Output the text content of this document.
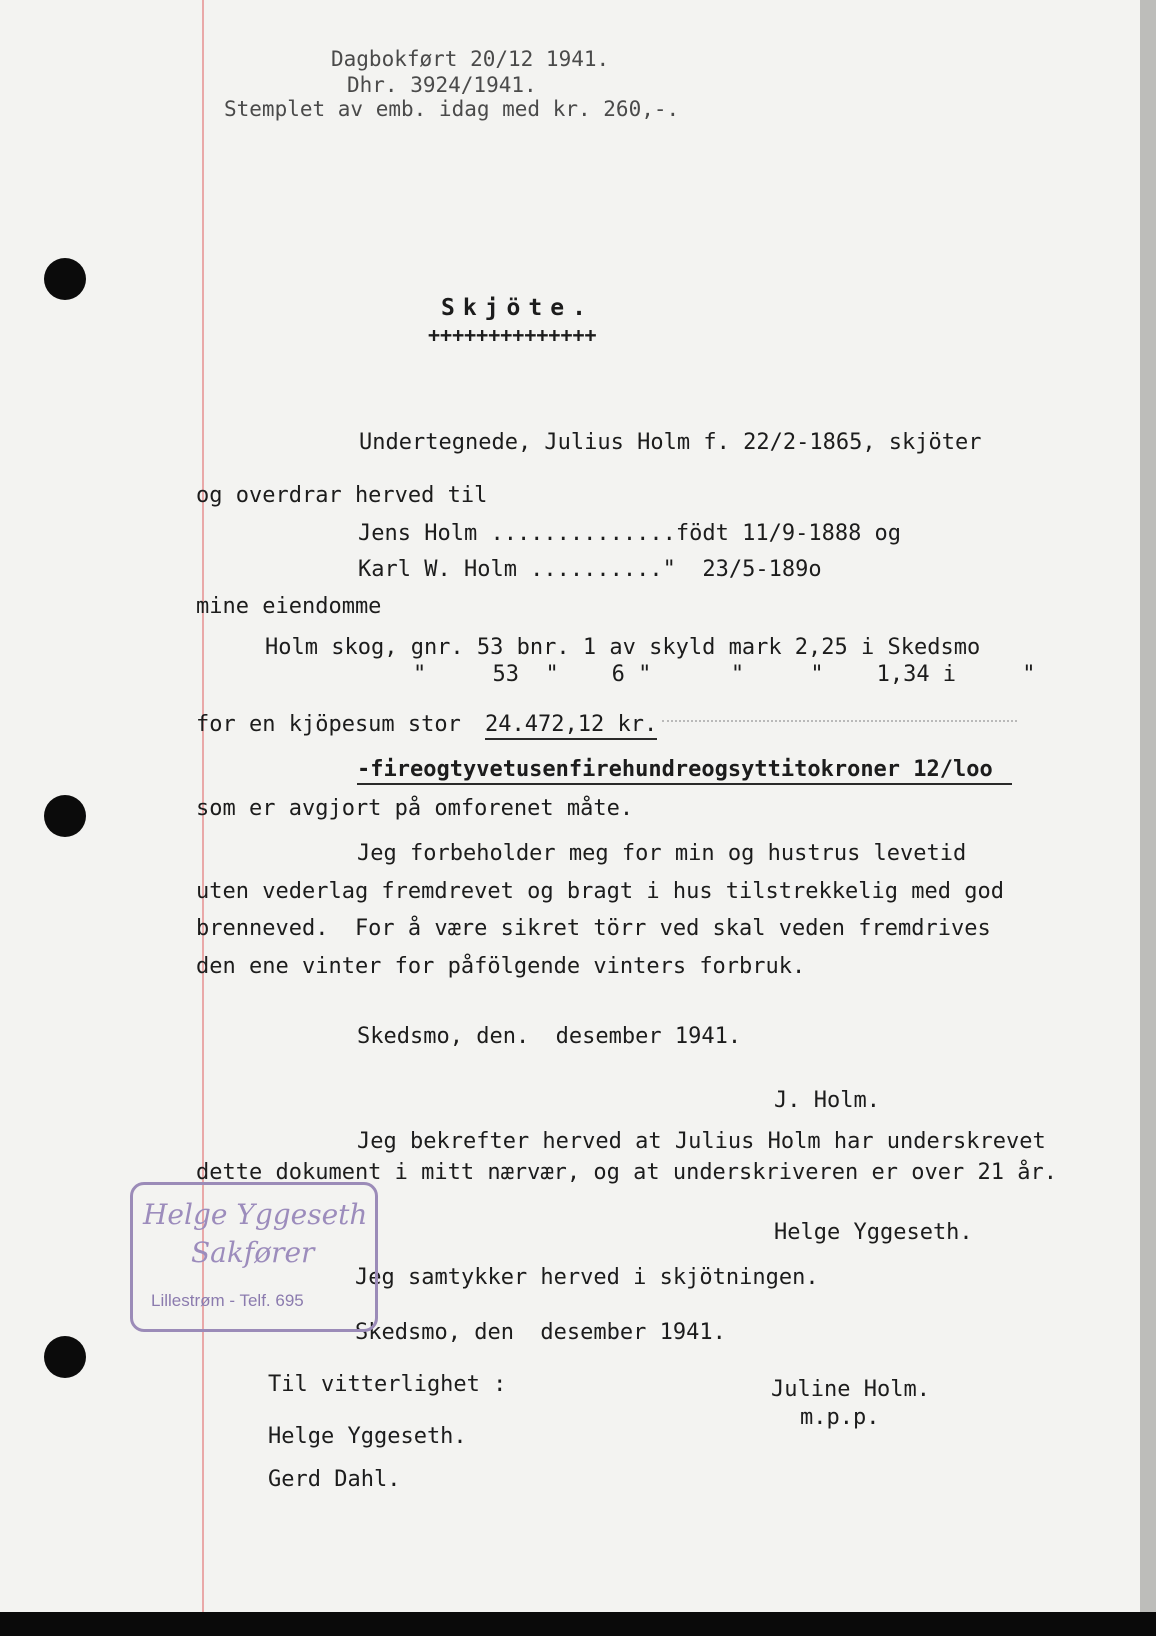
Dagbokført 20/12 1941.
Dhr. 3924/1941.
Stemplet av emb. idag med kr. 260,-.
Skjöte.
++++++++++++++
Undertegnede, Julius Holm f. 22/2-1865, skjöter
og overdrar herved til
Jens Holm ..............födt 11/9-1888 og
Karl W. Holm .........."  23/5-189o
mine eiendomme
Holm skog, gnr. 53 bnr. 1 av skyld mark 2,25 i Skedsmo
"     53  "    6 "      "     "    1,34 i     "
for en kjöpesum stor 24.472,12 kr.
-fireogtyvetusenfirehundreogsyttitokroner 12/loo
som er avgjort på omforenet måte.
Jeg forbeholder meg for min og hustrus levetid
uten vederlag fremdrevet og bragt i hus tilstrekkelig med god
brenneved.  For å være sikret törr ved skal veden fremdrives
den ene vinter for påfölgende vinters forbruk.
Skedsmo, den.  desember 1941.
J. Holm.
Jeg bekrefter herved at Julius Holm har underskrevet
dette dokument i mitt nærvær, og at underskriveren er over 21 år.
Helge Yggeseth.
Jeg samtykker herved i skjötningen.
Skedsmo, den  desember 1941.
Til vitterlighet :	Juline Holm.
m.p.p.
Helge Yggeseth.
Gerd Dahl.
Helge Yggeseth
Sakfører
Lillestrøm - Telf. 695
